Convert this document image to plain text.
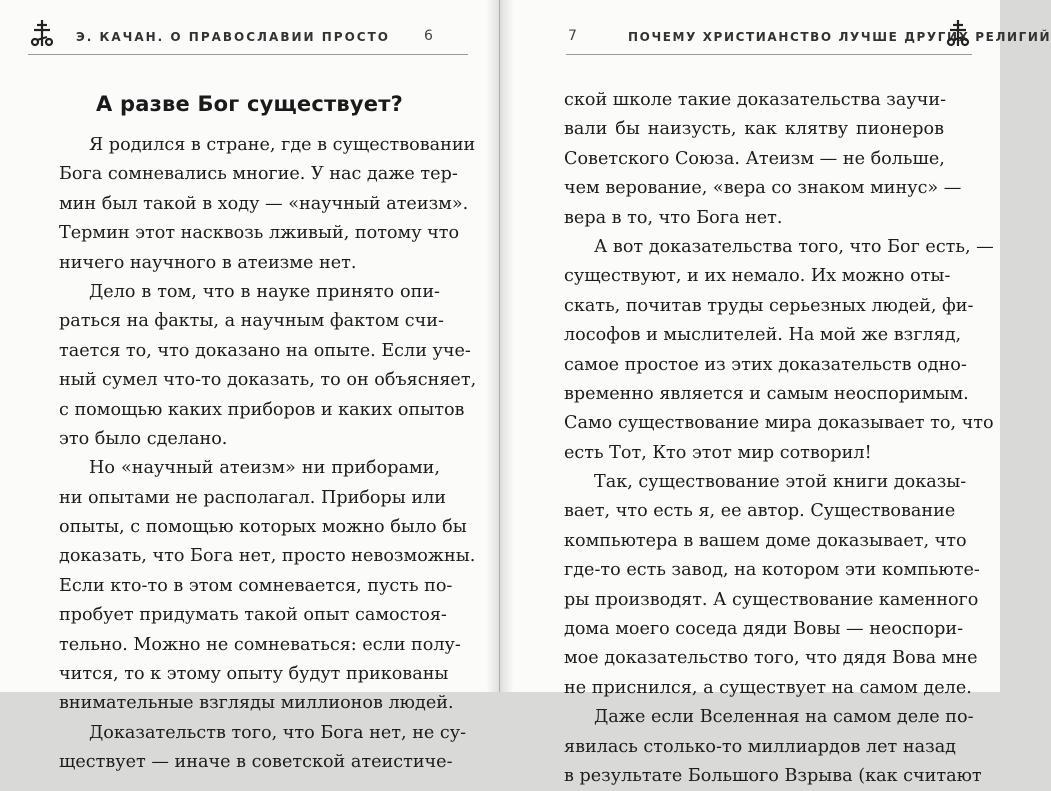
Э. КАЧАН. О ПРАВОСЛАВИИ ПРОСТО 6
А разве Бог существует?
Я родился в стране, где в существовании
Бога сомневались многие. У нас даже тер-
мин был такой в ходу — «научный атеизм».
Термин этот насквозь лживый, потому что
ничего научного в атеизме нет.
Дело в том, что в науке принято опи-
раться на факты, а научным фактом счи-
тается то, что доказано на опыте. Если уче-
ный сумел что-то доказать, то он объясняет,
с помощью каких приборов и каких опытов
это было сделано.
Но «научный атеизм» ни приборами,
ни опытами не располагал. Приборы или
опыты, с помощью которых можно было бы
доказать, что Бога нет, просто невозможны.
Если кто-то в этом сомневается, пусть по-
пробует придумать такой опыт самостоя-
тельно. Можно не сомневаться: если полу-
чится, то к этому опыту будут прикованы
внимательные взгляды миллионов людей.
Доказательств того, что Бога нет, не су-
ществует — иначе в советской атеистиче-
7	ПОЧЕМУ ХРИСТИАНСТВО ЛУЧШЕ ДРУГИХ РЕЛИГИЙ
ской школе такие доказательства заучи-
вали бы наизусть, как клятву пионеров
Советского Союза. Атеизм — не больше,
чем верование, «вера со знаком минус» —
вера в то, что Бога нет.
А вот доказательства того, что Бог есть, —
существуют, и их немало. Их можно оты-
скать, почитав труды серьезных людей, фи-
лософов и мыслителей. На мой же взгляд,
самое простое из этих доказательств одно-
временно является и самым неоспоримым.
Само существование мира доказывает то, что
есть Тот, Кто этот мир сотворил!
Так, существование этой книги доказы-
вает, что есть я, ее автор. Существование
компьютера в вашем доме доказывает, что
где-то есть завод, на котором эти компьюте-
ры производят. А существование каменного
дома моего соседа дяди Вовы — неоспори-
мое доказательство того, что дядя Вова мне
не приснился, а существует на самом деле.
Даже если Вселенная на самом деле по-
явилась столько-то миллиардов лет назад
в результате Большого Взрыва (как считают
